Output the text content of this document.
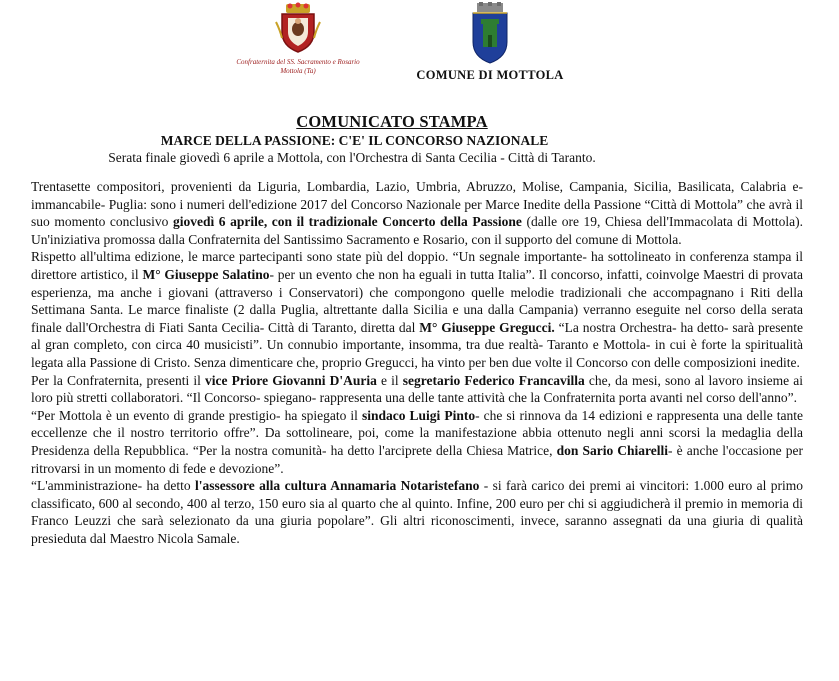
Confraternita del SS. Sacramento e Rosario
Mottola (Ta)	COMUNE DI MOTTOLA
COMUNICATO STAMPA
MARCE DELLA PASSIONE: C'E' IL CONCORSO NAZIONALE
Serata finale giovedì 6 aprile a Mottola, con l'Orchestra di Santa Cecilia - Città di Taranto.

Trentasette compositori, provenienti da Liguria, Lombardia, Lazio, Umbria, Abruzzo, Molise, Campania, Sicilia, Basilicata, Calabria e- immancabile- Puglia: sono i numeri dell'edizione 2017 del Concorso Nazionale per Marce Inedite della Passione “Città di Mottola” che avrà il suo momento conclusivo giovedì 6 aprile, con il tradizionale Concerto della Passione (dalle ore 19, Chiesa dell'Immacolata di Mottola). Un'iniziativa promossa dalla Confraternita del Santissimo Sacramento e Rosario, con il supporto del comune di Mottola.

Rispetto all'ultima edizione, le marce partecipanti sono state più del doppio. “Un segnale importante- ha sottolineato in conferenza stampa il direttore artistico, il M° Giuseppe Salatino- per un evento che non ha eguali in tutta Italia”. Il concorso, infatti, coinvolge Maestri di provata esperienza, ma anche i giovani (attraverso i Conservatori) che compongono quelle melodie tradizionali che accompagnano i Riti della Settimana Santa. Le marce finaliste (2 dalla Puglia, altrettante dalla Sicilia e una dalla Campania) verranno eseguite nel corso della serata finale dall'Orchestra di Fiati Santa Cecilia- Città di Taranto, diretta dal M° Giuseppe Gregucci. “La nostra Orchestra- ha detto- sarà presente al gran completo, con circa 40 musicisti”. Un connubio importante, insomma, tra due realtà- Taranto e Mottola- in cui è forte la spiritualità legata alla Passione di Cristo. Senza dimenticare che, proprio Gregucci, ha vinto per ben due volte il Concorso con delle composizioni inedite.

Per la Confraternita, presenti il vice Priore Giovanni D'Auria e il segretario Federico Francavilla che, da mesi, sono al lavoro insieme ai loro più stretti collaboratori. “Il Concorso- spiegano- rappresenta una delle tante attività che la Confraternita porta avanti nel corso dell'anno”.

“Per Mottola è un evento di grande prestigio- ha spiegato il sindaco Luigi Pinto- che si rinnova da 14 edizioni e rappresenta una delle tante eccellenze che il nostro territorio offre”. Da sottolineare, poi, come la manifestazione abbia ottenuto negli anni scorsi la medaglia della Presidenza della Repubblica. “Per la nostra comunità- ha detto l'arciprete della Chiesa Matrice, don Sario Chiarelli- è anche l'occasione per ritrovarsi in un momento di fede e devozione”.

“L'amministrazione- ha detto l'assessore alla cultura Annamaria Notaristefano - si farà carico dei premi ai vincitori: 1.000 euro al primo classificato, 600 al secondo, 400 al terzo, 150 euro sia al quarto che al quinto. Infine, 200 euro per chi si aggiudicherà il premio in memoria di Franco Leuzzi che sarà selezionato da una giuria popolare”. Gli altri riconoscimenti, invece, saranno assegnati da una giuria di qualità presieduta dal Maestro Nicola Samale.
